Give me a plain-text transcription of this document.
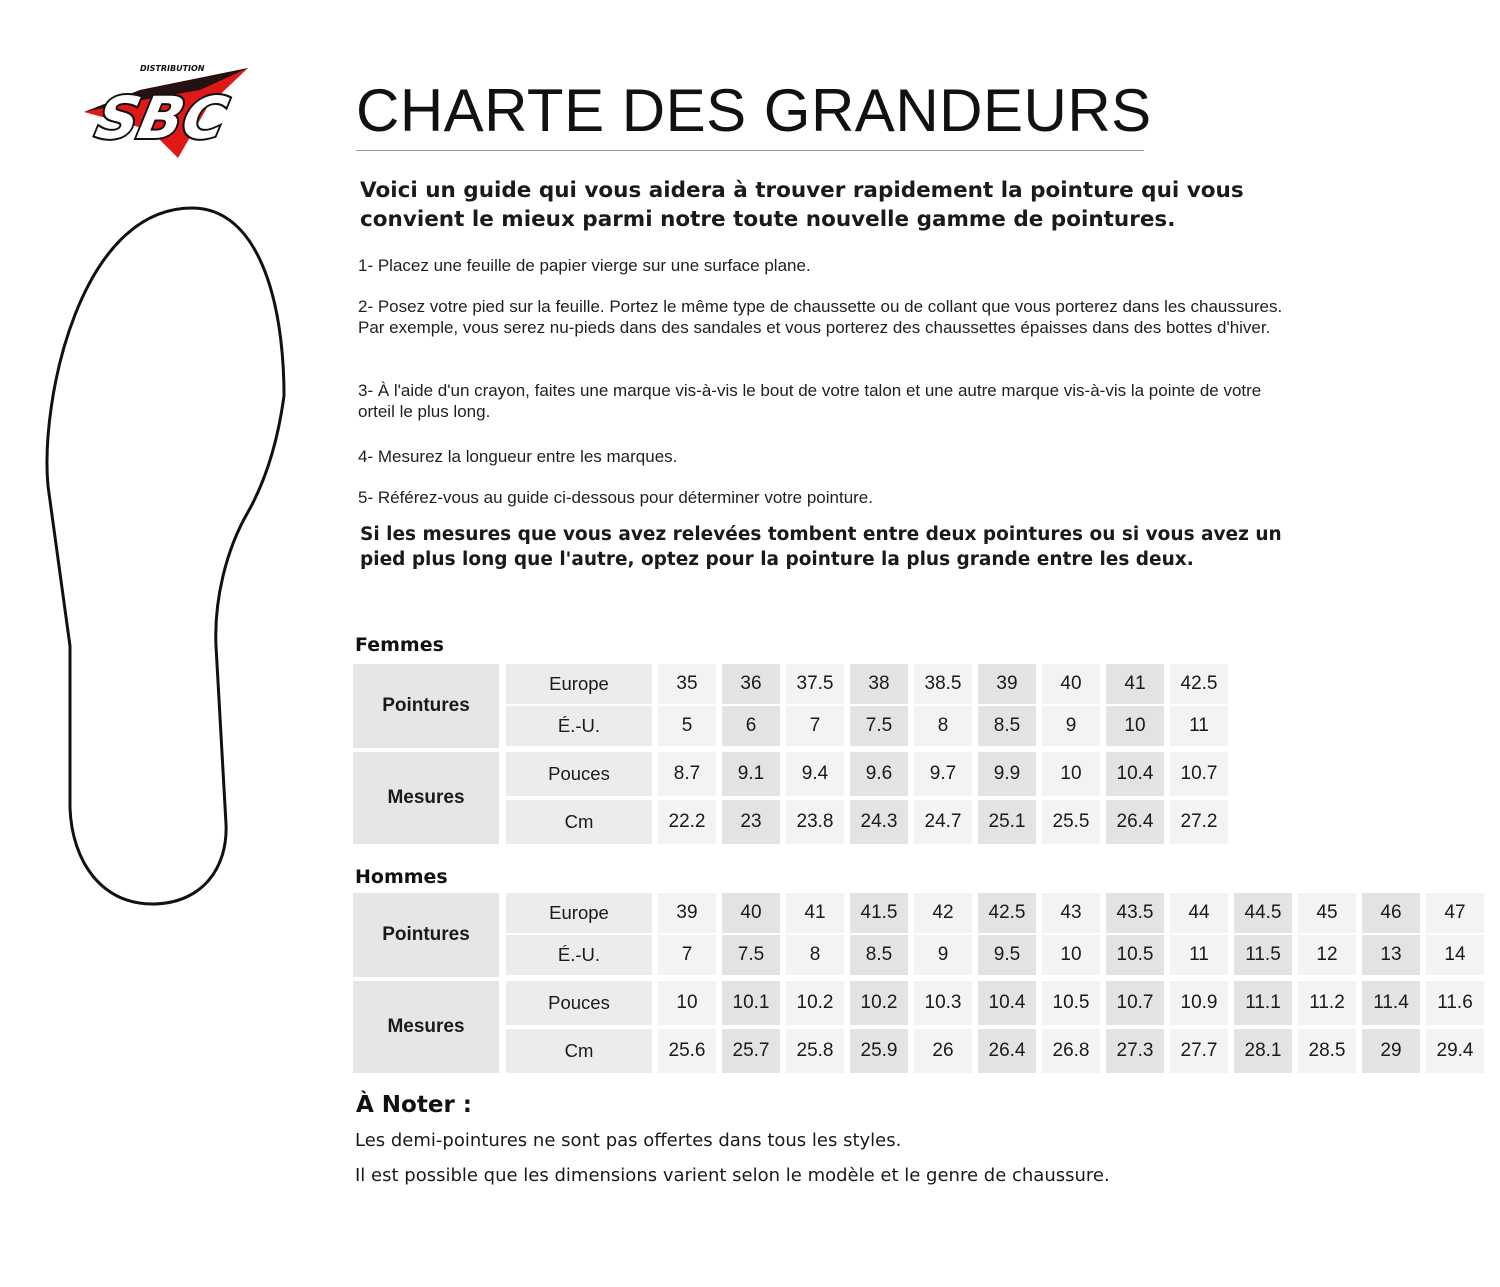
DISTRIBUTION
SBC CHARTE DES GRANDEURS

Voici un guide qui vous aidera à trouver rapidement la pointure qui vous convient le mieux parmi notre toute nouvelle gamme de pointures.

1- Placez une feuille de papier vierge sur une surface plane.

2- Posez votre pied sur la feuille. Portez le même type de chaussette ou de collant que vous porterez dans les chaussures. Par exemple, vous serez nu-pieds dans des sandales et vous porterez des chaussettes épaisses dans des bottes d'hiver.

3- À l'aide d'un crayon, faites une marque vis-à-vis le bout de votre talon et une autre marque vis-à-vis la pointe de votre orteil le plus long.

4- Mesurez la longueur entre les marques.

5- Référez-vous au guide ci-dessous pour déterminer votre pointure.

Si les mesures que vous avez relevées tombent entre deux pointures ou si vous avez un pied plus long que l'autre, optez pour la pointure la plus grande entre les deux.

Femmes
Pointures
Europe	35	36	37.5	38	38.5	39	40	41	42.5
É.-U.	5	6	7	7.5	8	8.5	9	10	11
Mesures
Pouces	8.7	9.1	9.4	9.6	9.7	9.9	10	10.4	10.7
Cm	22.2	23	23.8	24.3	24.7	25.1	25.5	26.4	27.2
Hommes
Pointures
Europe	39	40	41	41.5	42	42.5	43	43.5	44	44.5	45	46	47
É.-U.	7	7.5	8	8.5	9	9.5	10	10.5	11	11.5	12	13	14
Mesures
Pouces	10	10.1	10.2	10.2	10.3	10.4	10.5	10.7	10.9	11.1	11.2	11.4	11.6
Cm	25.6	25.7	25.8	25.9	26	26.4	26.8	27.3	27.7	28.1	28.5	29	29.4
À Noter :

Les demi-pointures ne sont pas offertes dans tous les styles.

Il est possible que les dimensions varient selon le modèle et le genre de chaussure.
